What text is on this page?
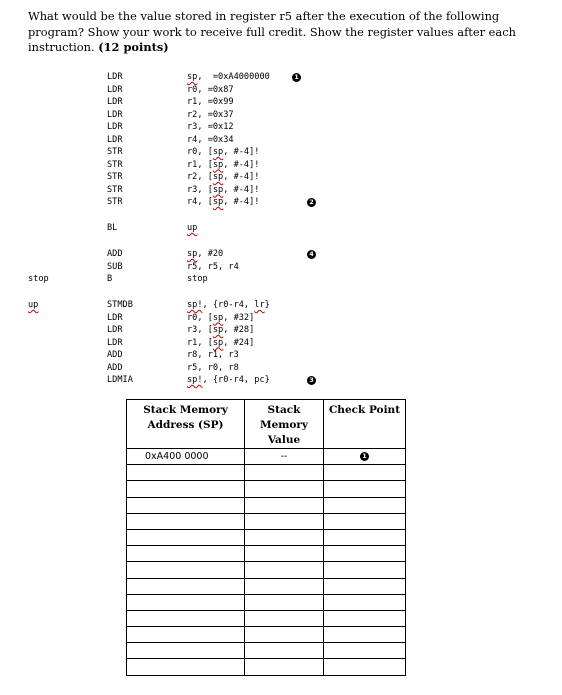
What would be the value stored in register r5 after the execution of the following program? Show your work to receive full credit. Show the register values after each instruction. (12 points)
LDR	sp,  =0xA4000000	1
LDR	r0, =0x87
LDR	r1, =0x99
LDR	r2, =0x37
LDR	r3, =0x12
LDR	r4, =0x34
STR	r0, [sp, #-4]!
STR	r1, [sp, #-4]!
STR	r2, [sp, #-4]!
STR	r3, [sp, #-4]!
STR	r4, [sp, #-4]!	2
BL	up
ADD	sp, #20	4
SUB	r5, r5, r4
stop	B	stop
up	STMDB	sp!, {r0-r4, lr}
LDR	r0, [sp, #32]
LDR	r3, [sp, #28]
LDR	r1, [sp, #24]
ADD	r8, r1, r3
ADD	r5, r0, r8
LDMIA	sp!, {r0-r4, pc}	3
Stack Memory Address (SP)	Stack Memory Value	Check Point
0xA400 0000	--	1
